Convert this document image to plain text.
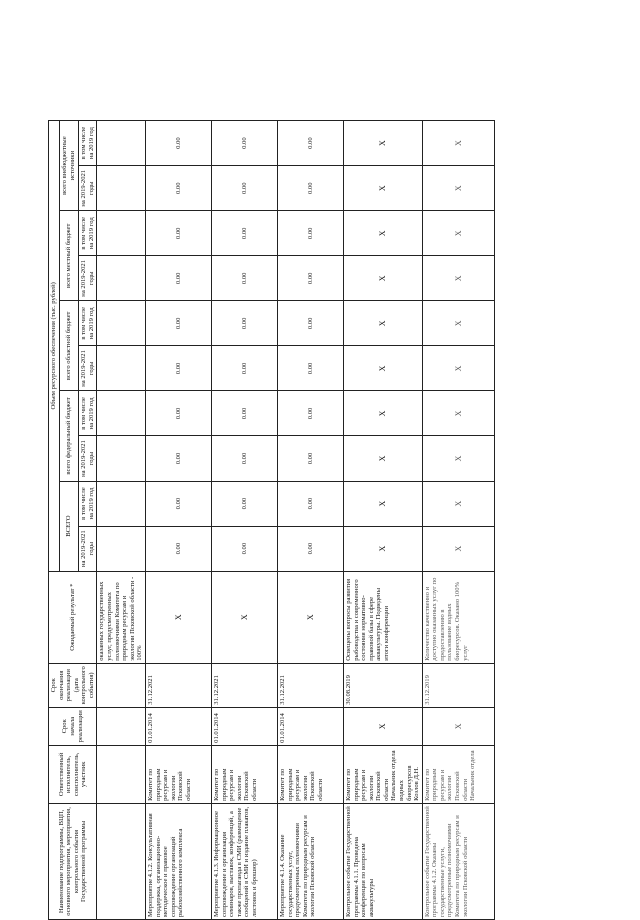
Наименование подпрограммы, ВЦП, основного мероприятия, мероприятия, контрольного события Государственной программы	Ответственный исполнитель, соисполнитель, участник	Срок начала реализации	Срок окончания реализации (дата контрольного события)	Ожидаемый результат *	Объем ресурсного обеспечения (тыс. рублей)									
					ВСЕГО		всего федеральный бюджет		всего областной бюджет		всего местный бюджет		всего внебюджетные источники	
					на 2019-2021 годы	в том числе на 2019 год	на 2019-2021 годы	в том числе на 2019 год	на 2019-2021 годы	в том числе на 2019 год	на 2019-2021 годы	в том числе на 2019 год	на 2019-2021 годы	в том числе на 2019 год
				оказанных государственных услуг, предусмотренных полномочиями Комитета по природным ресурсам и экологии Псковской области - 100%										
Мероприятие 4.1.2. Консультативная поддержка, организационно-методическое и правовое сопровождение организаций рыбохозяйственного комплекса	Комитет по природным ресурсам и экологии Псковской области	01.01.2014	31.12.2021	X	0.00	0.00	0.00	0.00	0.00	0.00	0.00	0.00	0.00	0.00
Мероприятие 4.1.3. Информационное сопровождение и организация семинаров, выставок, конференций, а также пропаганда в СМИ (размещение сообщений в СМИ и издание плакатов, листовок и брошюр)	Комитет по природным ресурсам и экологии Псковской области	01.01.2014	31.12.2021	X	0.00	0.00	0.00	0.00	0.00	0.00	0.00	0.00	0.00	0.00
Мероприятие 4.1.4. Оказание государственных услуг, предусмотренных полномочиями Комитета по природным ресурсам и экологии Псковской области	Комитет по природным ресурсам и экологии Псковской области	01.01.2014	31.12.2021	X	0.00	0.00	0.00	0.00	0.00	0.00	0.00	0.00	0.00	0.00
Контрольное событие Государственной программы 4.1.1. Проведена конференция по вопросам аквакультуры	Комитет по природным ресурсам и экологии Псковской области Начальник отдела водных биоресурсов Козлов Д.Н.	X	30.08.2019	Освещены вопросы развития рыбоводства и современного состояния нормативно-правовой базы в сфере аквакультуры. Подведены итоги конференции	X	X	X	X	X	X	X	X	X	X
Контрольное событие Государственной программы 4.1.2. Оказаны государственные услуги, предусмотренные полномочиями Комитета по природным ресурсам и экологии Псковской области	Комитет по природным ресурсам и экологии Псковской области Начальник отдела	X	31.12.2019	Количество качественно и доступно оказанных услуг по предоставлению в пользование водных биоресурсов. Оказано 100% услуг	X	X	X	X	X	X	X	X	X	X
